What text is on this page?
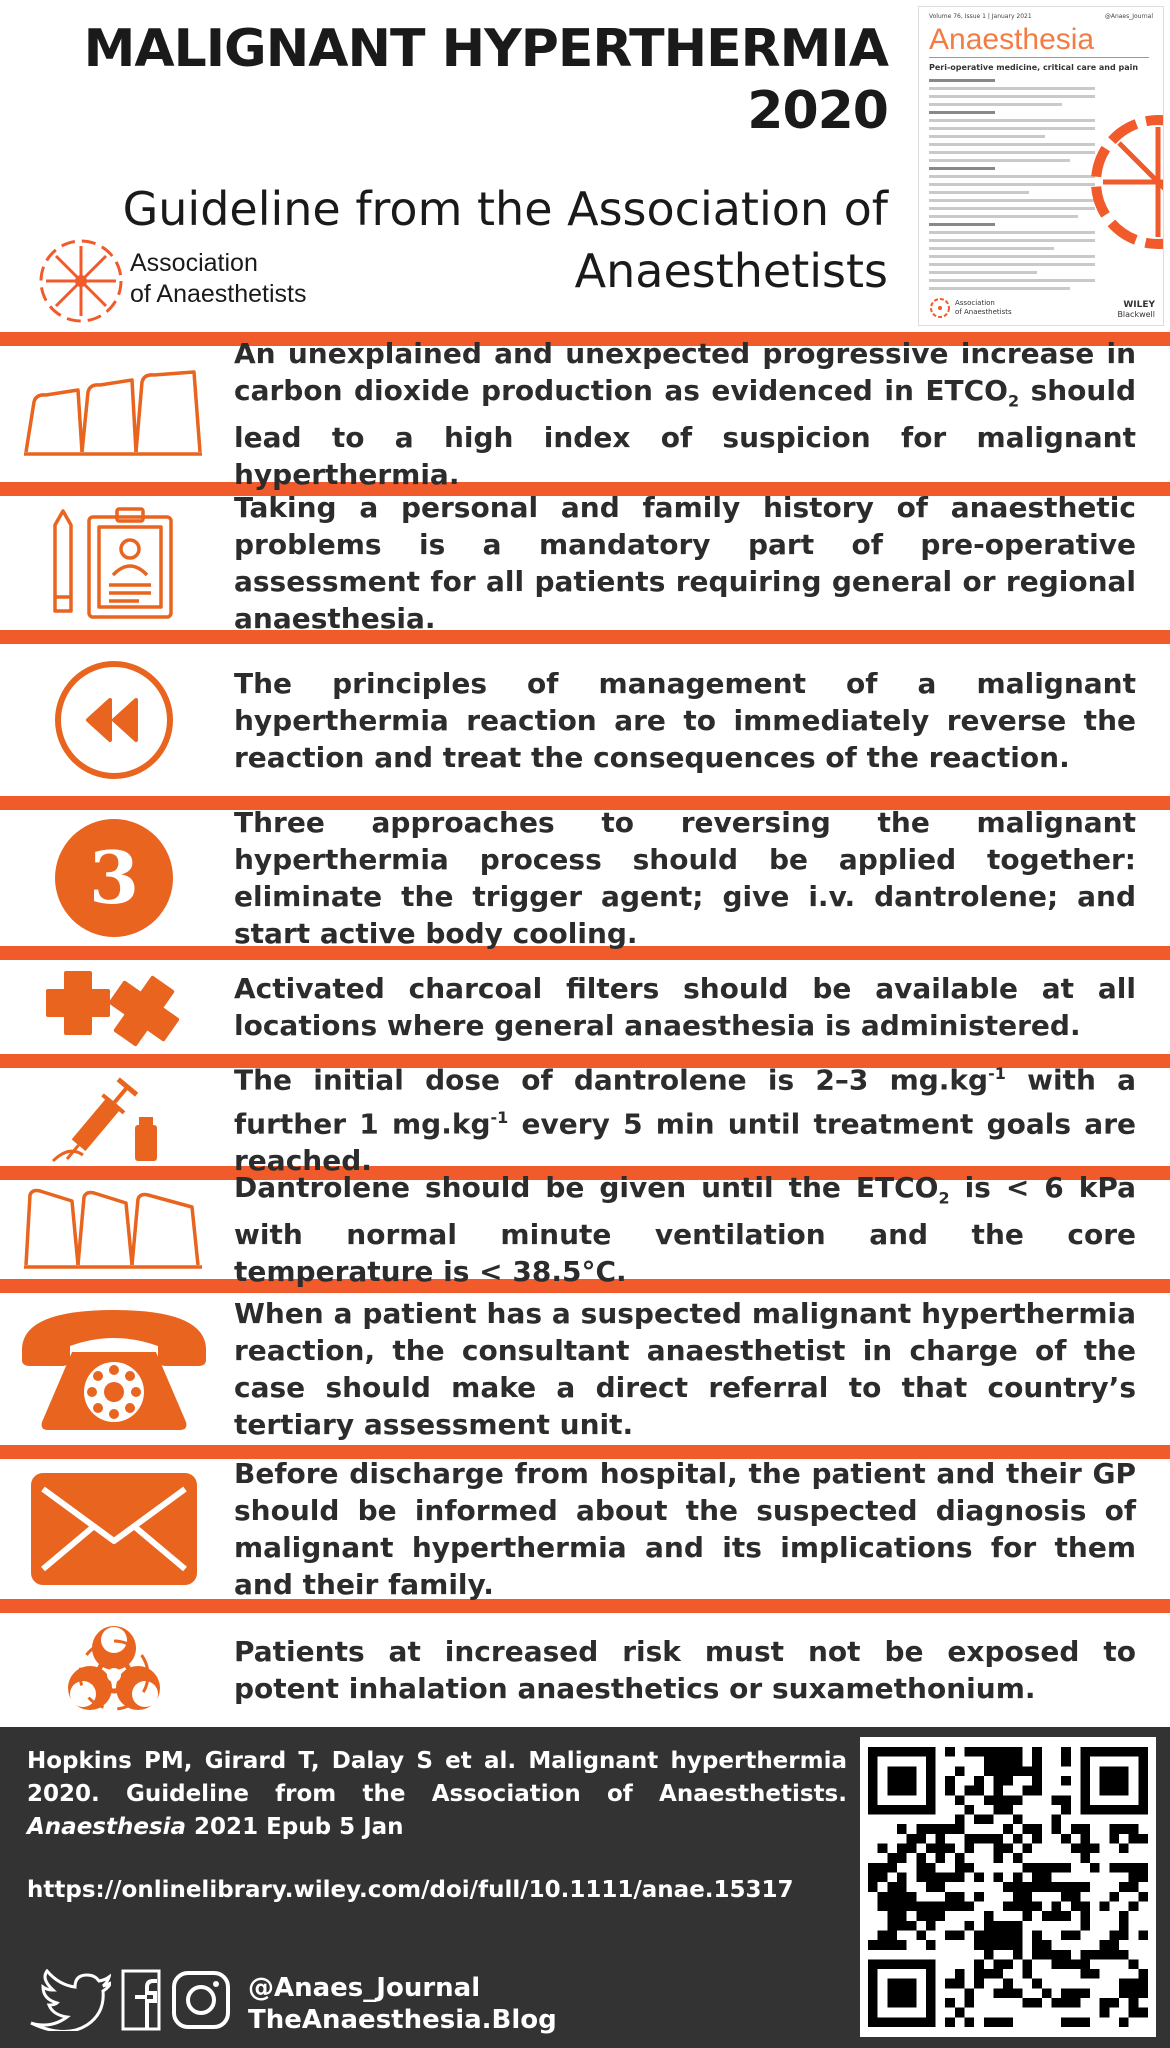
MALIGNANT HYPERTHERMIA
2020
Guideline from the Association of
Anaesthetists
Association
of Anaesthetists
Volume 76, Issue 1 | January 2021	@Anaes_Journal
Anaesthesia
Peri-operative medicine, critical care and pain
Association
of Anaesthetists
WILEY
Blackwell

An unexplained and unexpected progressive increase in carbon dioxide production as evidenced in $ETCO_2$ should lead to a high index of suspicion for malignant hyperthermia.

Taking a personal and family history of anaesthetic problems is a mandatory part of pre-operative assessment for all patients requiring general or regional anaesthesia.

The principles of management of a malignant hyperthermia reaction are to immediately reverse the reaction and treat the consequences of the reaction.

3

Three approaches to reversing the malignant hyperthermia process should be applied together: eliminate the trigger agent; give i.v. dantrolene; and start active body cooling.

Activated charcoal filters should be available at all locations where general anaesthesia is administered.

The initial dose of dantrolene is 2–3 $mg.kg^{-1}$ with a further 1 $mg.kg^{-1}$ every 5 min until treatment goals are reached.

Dantrolene should be given until the $ETCO_2$ is < 6 kPa with normal minute ventilation and the core temperature is < 38.5°C.

When a patient has a suspected malignant hyperthermia reaction, the consultant anaesthetist in charge of the case should make a direct referral to that country’s tertiary assessment unit.

Before discharge from hospital, the patient and their GP should be informed about the suspected diagnosis of malignant hyperthermia and its implications for them and their family.

Patients at increased risk must not be exposed to potent inhalation anaesthetics or suxamethonium.

Hopkins PM, Girard T, Dalay S et al. Malignant hyperthermia 2020. Guideline from the Association of Anaesthetists. Anaesthesia 2021 Epub 5 Jan
https://onlinelibrary.wiley.com/doi/full/10.1111/anae.15317
@Anaes_Journal
TheAnaesthesia.Blog
